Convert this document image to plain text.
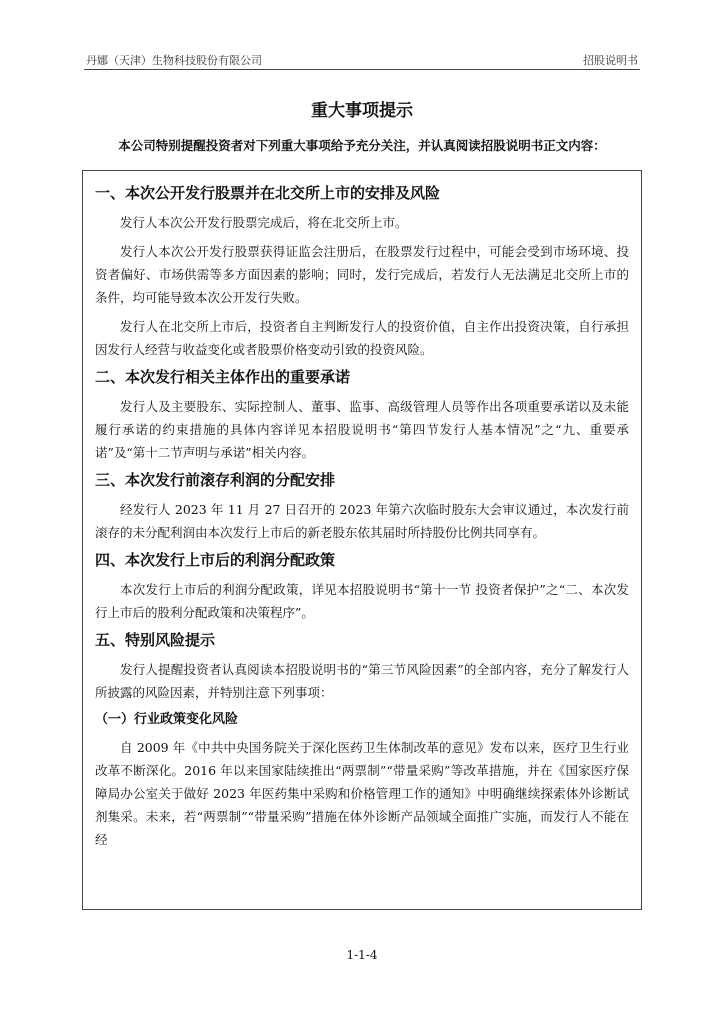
丹娜（天津）生物科技股份有限公司	招股说明书
重大事项提示
本公司特别提醒投资者对下列重大事项给予充分关注，并认真阅读招股说明书正文内容：
一、本次公开发行股票并在北交所上市的安排及风险

发行人本次公开发行股票完成后，将在北交所上市。

发行人本次公开发行股票获得证监会注册后，在股票发行过程中，可能会受到市场环境、投资者偏好、市场供需等多方面因素的影响；同时，发行完成后，若发行人无法满足北交所上市的条件，均可能导致本次公开发行失败。

发行人在北交所上市后，投资者自主判断发行人的投资价值，自主作出投资决策，自行承担因发行人经营与收益变化或者股票价格变动引致的投资风险。

二、本次发行相关主体作出的重要承诺

发行人及主要股东、实际控制人、董事、监事、高级管理人员等作出各项重要承诺以及未能履行承诺的约束措施的具体内容详见本招股说明书“第四节发行人基本情况”之“九、重要承诺”及“第十二节声明与承诺”相关内容。

三、本次发行前滚存利润的分配安排

经发行人 2023 年 11 月 27 日召开的 2023 年第六次临时股东大会审议通过，本次发行前滚存的未分配利润由本次发行上市后的新老股东依其届时所持股份比例共同享有。

四、本次发行上市后的利润分配政策

本次发行上市后的利润分配政策，详见本招股说明书“第十一节 投资者保护”之“二、本次发行上市后的股利分配政策和决策程序”。

五、特别风险提示

发行人提醒投资者认真阅读本招股说明书的“第三节风险因素”的全部内容，充分了解发行人所披露的风险因素，并特别注意下列事项：

（一）行业政策变化风险

自 2009 年《中共中央国务院关于深化医药卫生体制改革的意见》发布以来，医疗卫生行业改革不断深化。2016 年以来国家陆续推出“两票制”“带量采购”等改革措施，并在《国家医疗保障局办公室关于做好 2023 年医药集中采购和价格管理工作的通知》中明确继续探索体外诊断试剂集采。未来，若“两票制”“带量采购”措施在体外诊断产品领域全面推广实施，而发行人不能在经

1-1-4
